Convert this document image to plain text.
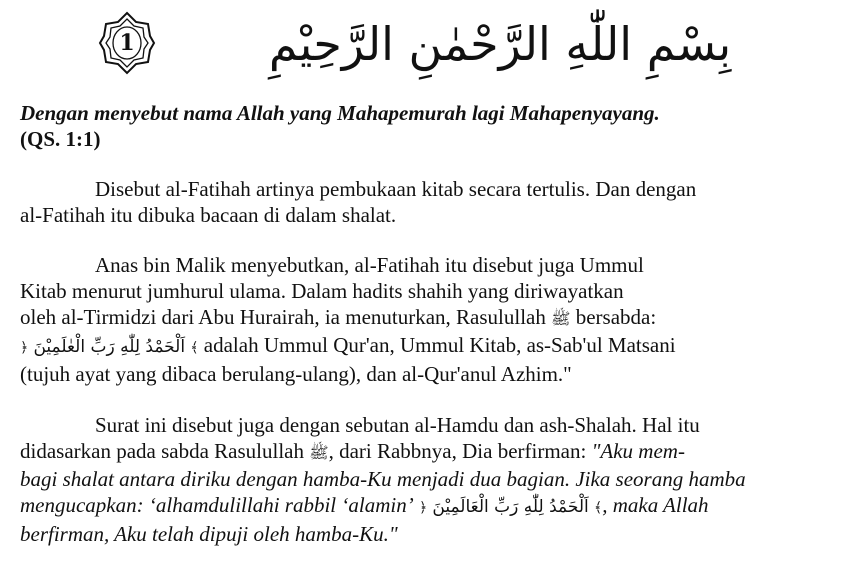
1	بِسْمِ اللّٰهِ الرَّحْمٰنِ الرَّحِيْمِ
Dengan menyebut nama Allah yang Mahapemurah lagi Mahapenyayang.
(QS. 1:1)
Disebut al-Fatihah artinya pembukaan kitab secara tertulis. Dan dengan
al-Fatihah itu dibuka bacaan di dalam shalat.
Anas bin Malik menyebutkan, al-Fatihah itu disebut juga Ummul
Kitab menurut jumhurul ulama. Dalam hadits shahih yang diriwayatkan
oleh al-Tirmidzi dari Abu Hurairah, ia menuturkan, Rasulullah ﷺ bersabda:
﴿ اَلْحَمْدُ لِلّٰهِ رَبِّ الْعٰلَمِيْنَ ﴾ adalah Ummul Qur'an, Ummul Kitab, as-Sab'ul Matsani
(tujuh ayat yang dibaca berulang-ulang), dan al-Qur'anul Azhim."
Surat ini disebut juga dengan sebutan al-Hamdu dan ash-Shalah. Hal itu
didasarkan pada sabda Rasulullah ﷺ, dari Rabbnya, Dia berfirman: "Aku mem-
bagi shalat antara diriku dengan hamba-Ku menjadi dua bagian. Jika seorang hamba
mengucapkan: ‘alhamdulillahi rabbil ‘alamin’ ﴿ اَلْحَمْدُ لِلّٰهِ رَبِّ الْعَالَمِيْنَ ﴾, maka Allah
berfirman, Aku telah dipuji oleh hamba-Ku."
